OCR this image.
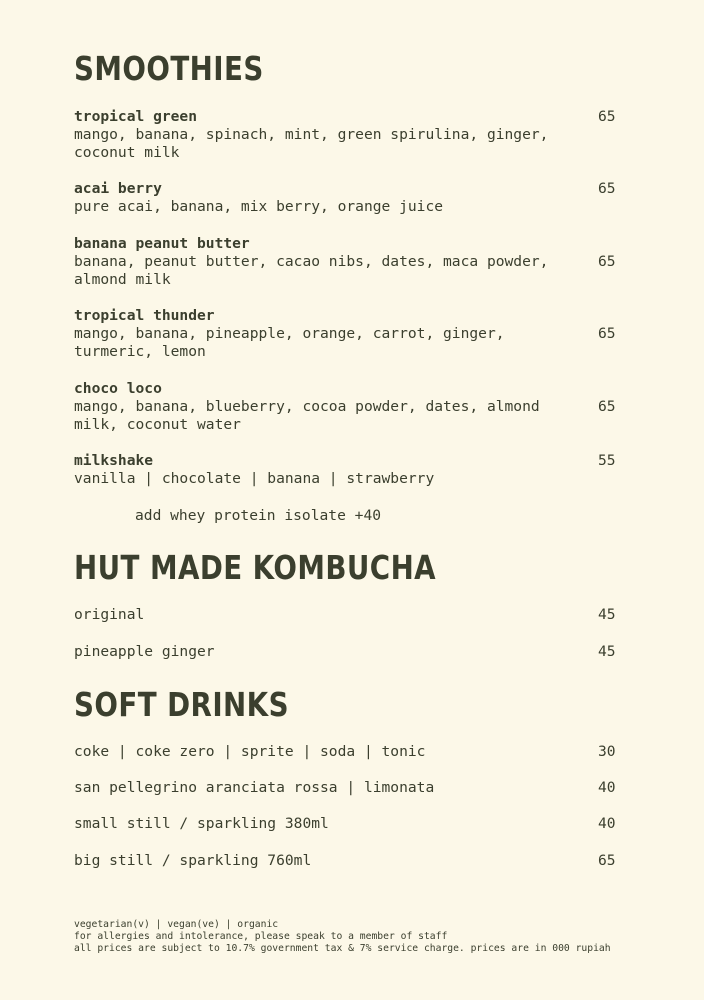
SMOOTHIES
tropical green
mango, banana, spinach, mint, green spirulina, ginger, coconut milk
65
acai berry
pure acai, banana, mix berry, orange juice
65
banana peanut butter
banana, peanut butter, cacao nibs, dates, maca powder, almond milk
65
tropical thunder
mango, banana, pineapple, orange, carrot, ginger, turmeric, lemon
65
choco loco
mango, banana, blueberry, cocoa powder, dates, almond milk, coconut water
65
milkshake
vanilla | chocolate | banana | strawberry
55
add whey protein isolate +40
HUT MADE KOMBUCHA
original	45
pineapple ginger	45
SOFT DRINKS
coke | coke zero | sprite | soda | tonic	30
san pellegrino aranciata rossa | limonata	40
small still / sparkling 380ml	40
big still / sparkling 760ml	65
vegetarian(v) | vegan(ve) | organic
for allergies and intolerance, please speak to a member of staff
all prices are subject to 10.7% government tax & 7% service charge. prices are in 000 rupiah
